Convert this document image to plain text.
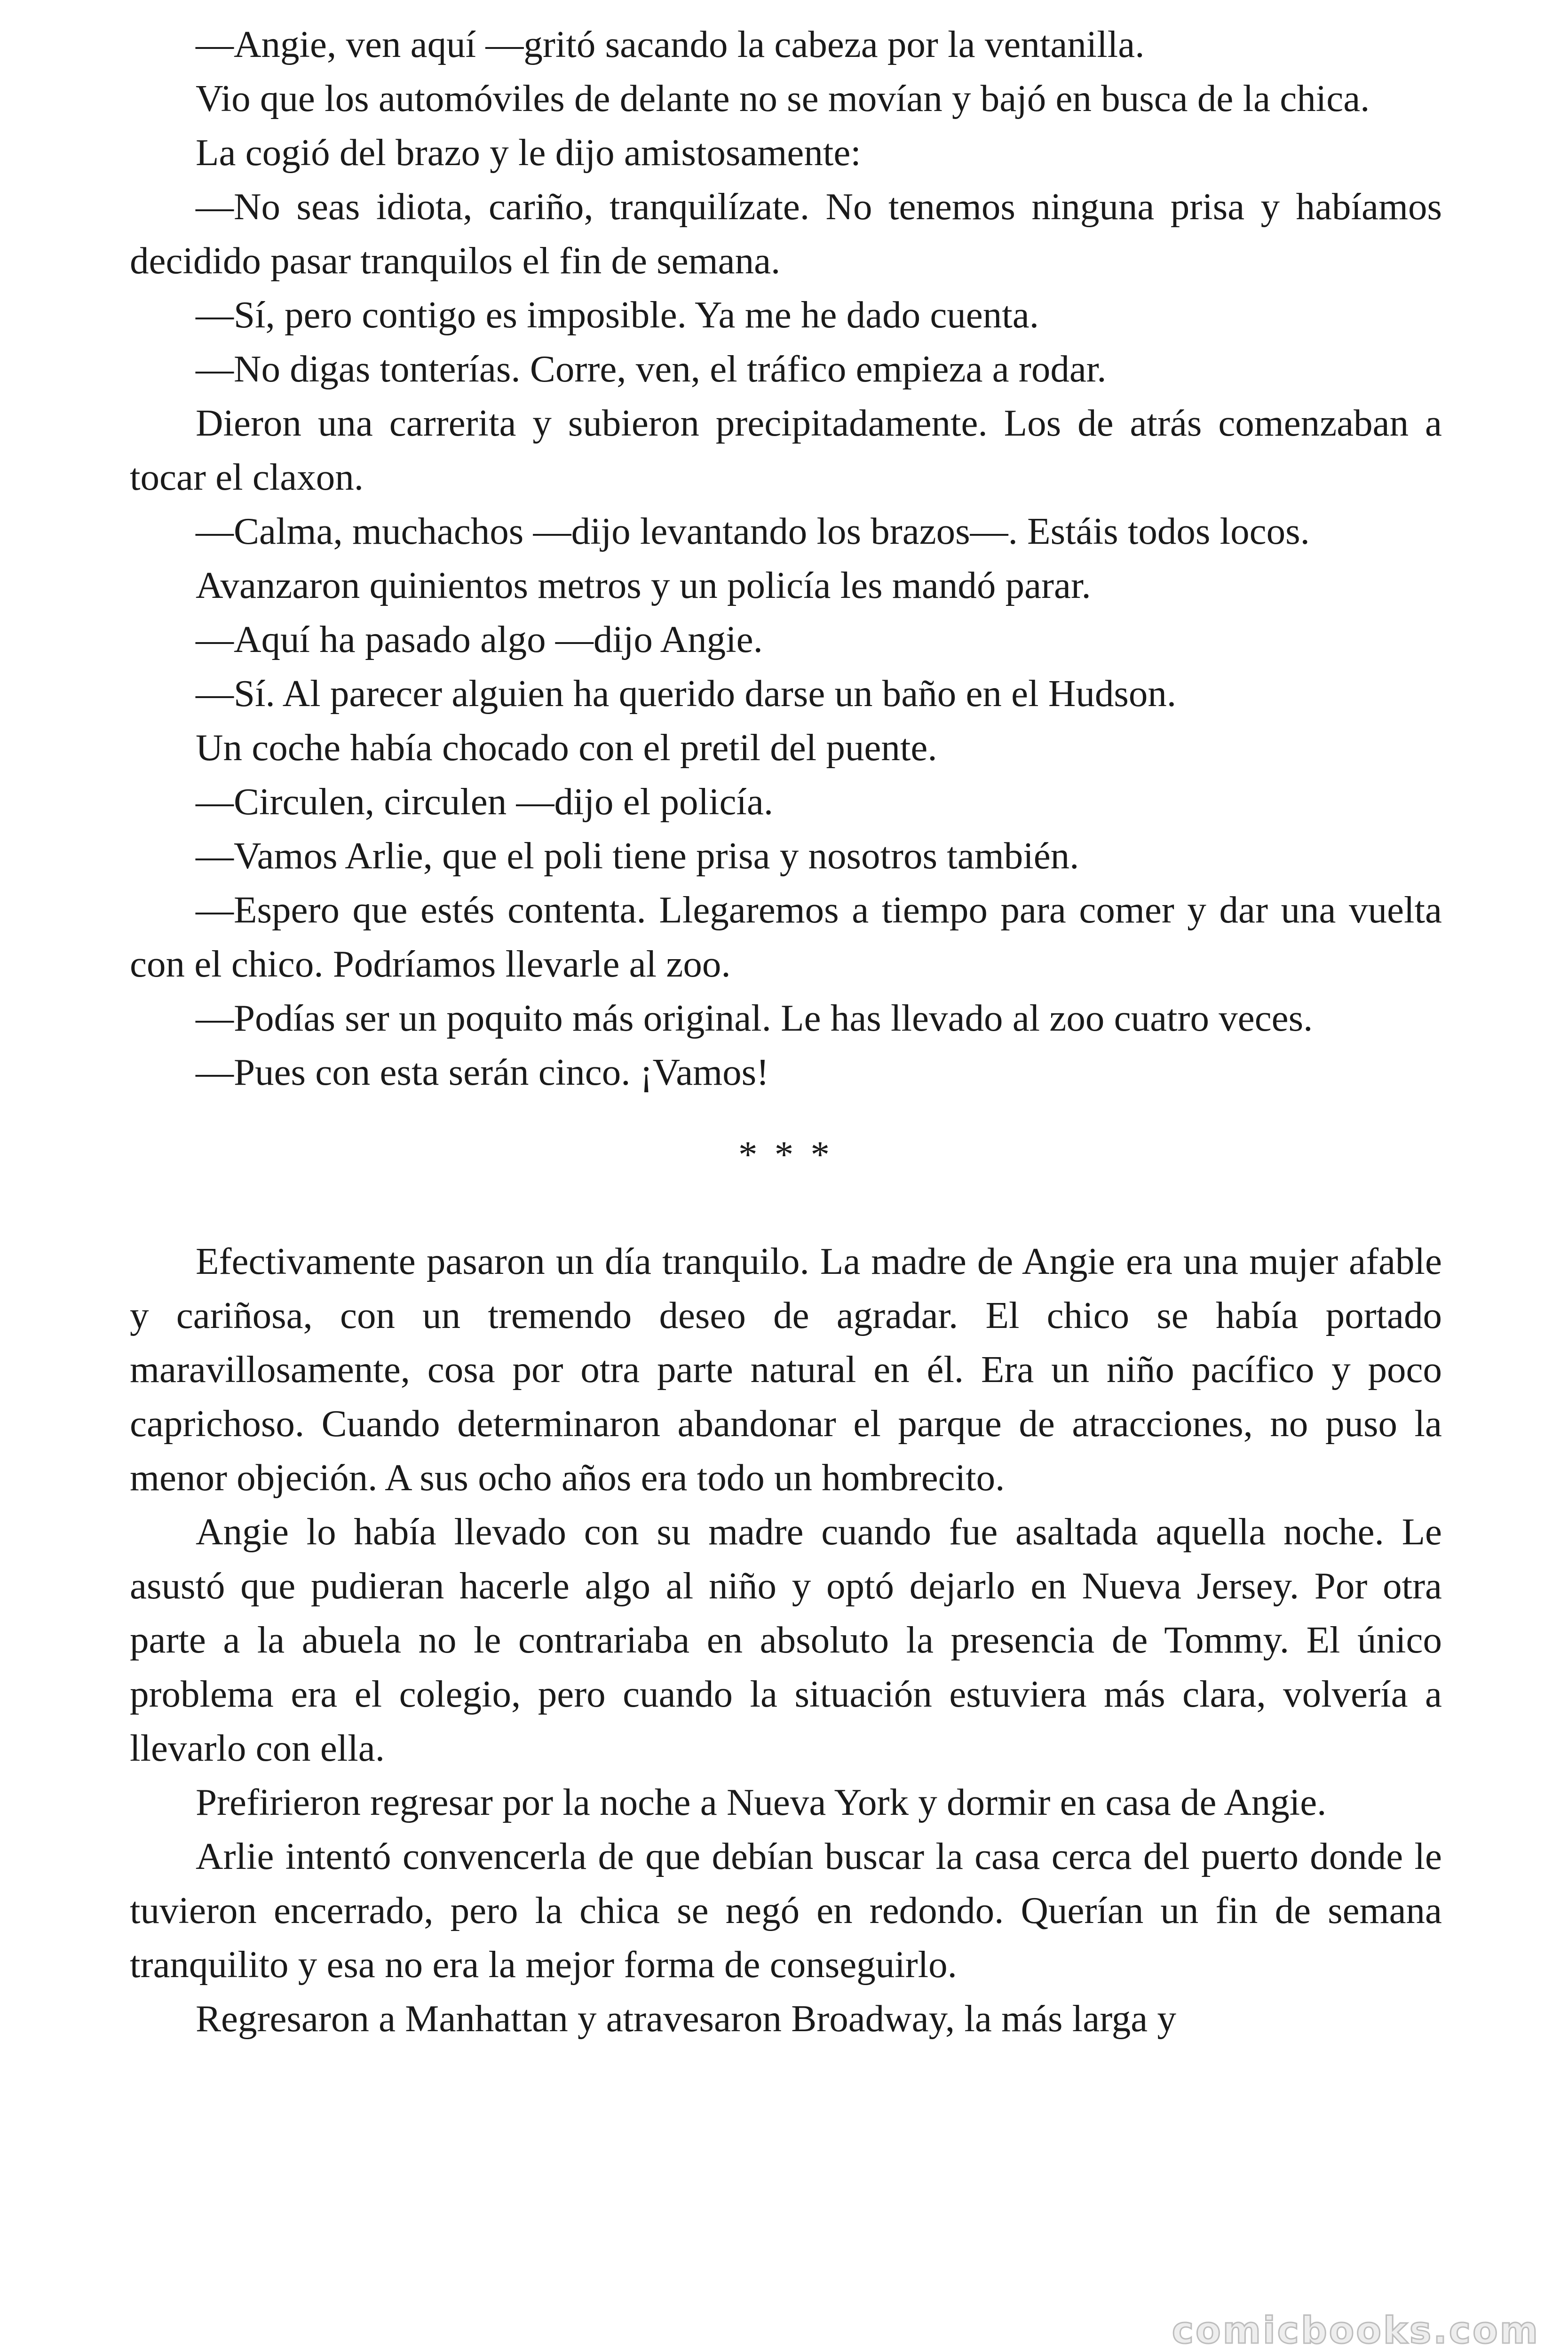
—Angie, ven aquí —gritó sacando la cabeza por la ventanilla.

Vio que los automóviles de delante no se movían y bajó en busca de la chica.

La cogió del brazo y le dijo amistosamente:

—No seas idiota, cariño, tranquilízate. No tenemos ninguna prisa y habíamos decidido pasar tranquilos el fin de semana.

—Sí, pero contigo es imposible. Ya me he dado cuenta.

—No digas tonterías. Corre, ven, el tráfico empieza a rodar.

Dieron una carrerita y subieron precipitadamente. Los de atrás comenzaban a tocar el claxon.

—Calma, muchachos —dijo levantando los brazos—. Estáis todos locos.

Avanzaron quinientos metros y un policía les mandó parar.

—Aquí ha pasado algo —dijo Angie.

—Sí. Al parecer alguien ha querido darse un baño en el Hudson.

Un coche había chocado con el pretil del puente.

—Circulen, circulen —dijo el policía.

—Vamos Arlie, que el poli tiene prisa y nosotros también.

—Espero que estés contenta. Llegaremos a tiempo para comer y dar una vuelta con el chico. Podríamos llevarle al zoo.

—Podías ser un poquito más original. Le has llevado al zoo cuatro veces.

—Pues con esta serán cinco. ¡Vamos!

* * *

Efectivamente pasaron un día tranquilo. La madre de Angie era una mujer afable y cariñosa, con un tremendo deseo de agradar. El chico se había portado maravillosamente, cosa por otra parte natural en él. Era un niño pacífico y poco caprichoso. Cuando determinaron abandonar el parque de atracciones, no puso la menor objeción. A sus ocho años era todo un hombrecito.

Angie lo había llevado con su madre cuando fue asaltada aquella noche. Le asustó que pudieran hacerle algo al niño y optó dejarlo en Nueva Jersey. Por otra parte a la abuela no le contrariaba en absoluto la presencia de Tommy. El único problema era el colegio, pero cuando la situación estuviera más clara, volvería a llevarlo con ella.

Prefirieron regresar por la noche a Nueva York y dormir en casa de Angie.

Arlie intentó convencerla de que debían buscar la casa cerca del puerto donde le tuvieron encerrado, pero la chica se negó en redondo. Querían un fin de semana tranquilito y esa no era la mejor forma de conseguirlo.

Regresaron a Manhattan y atravesaron Broadway, la más larga y

comicbooks.com
